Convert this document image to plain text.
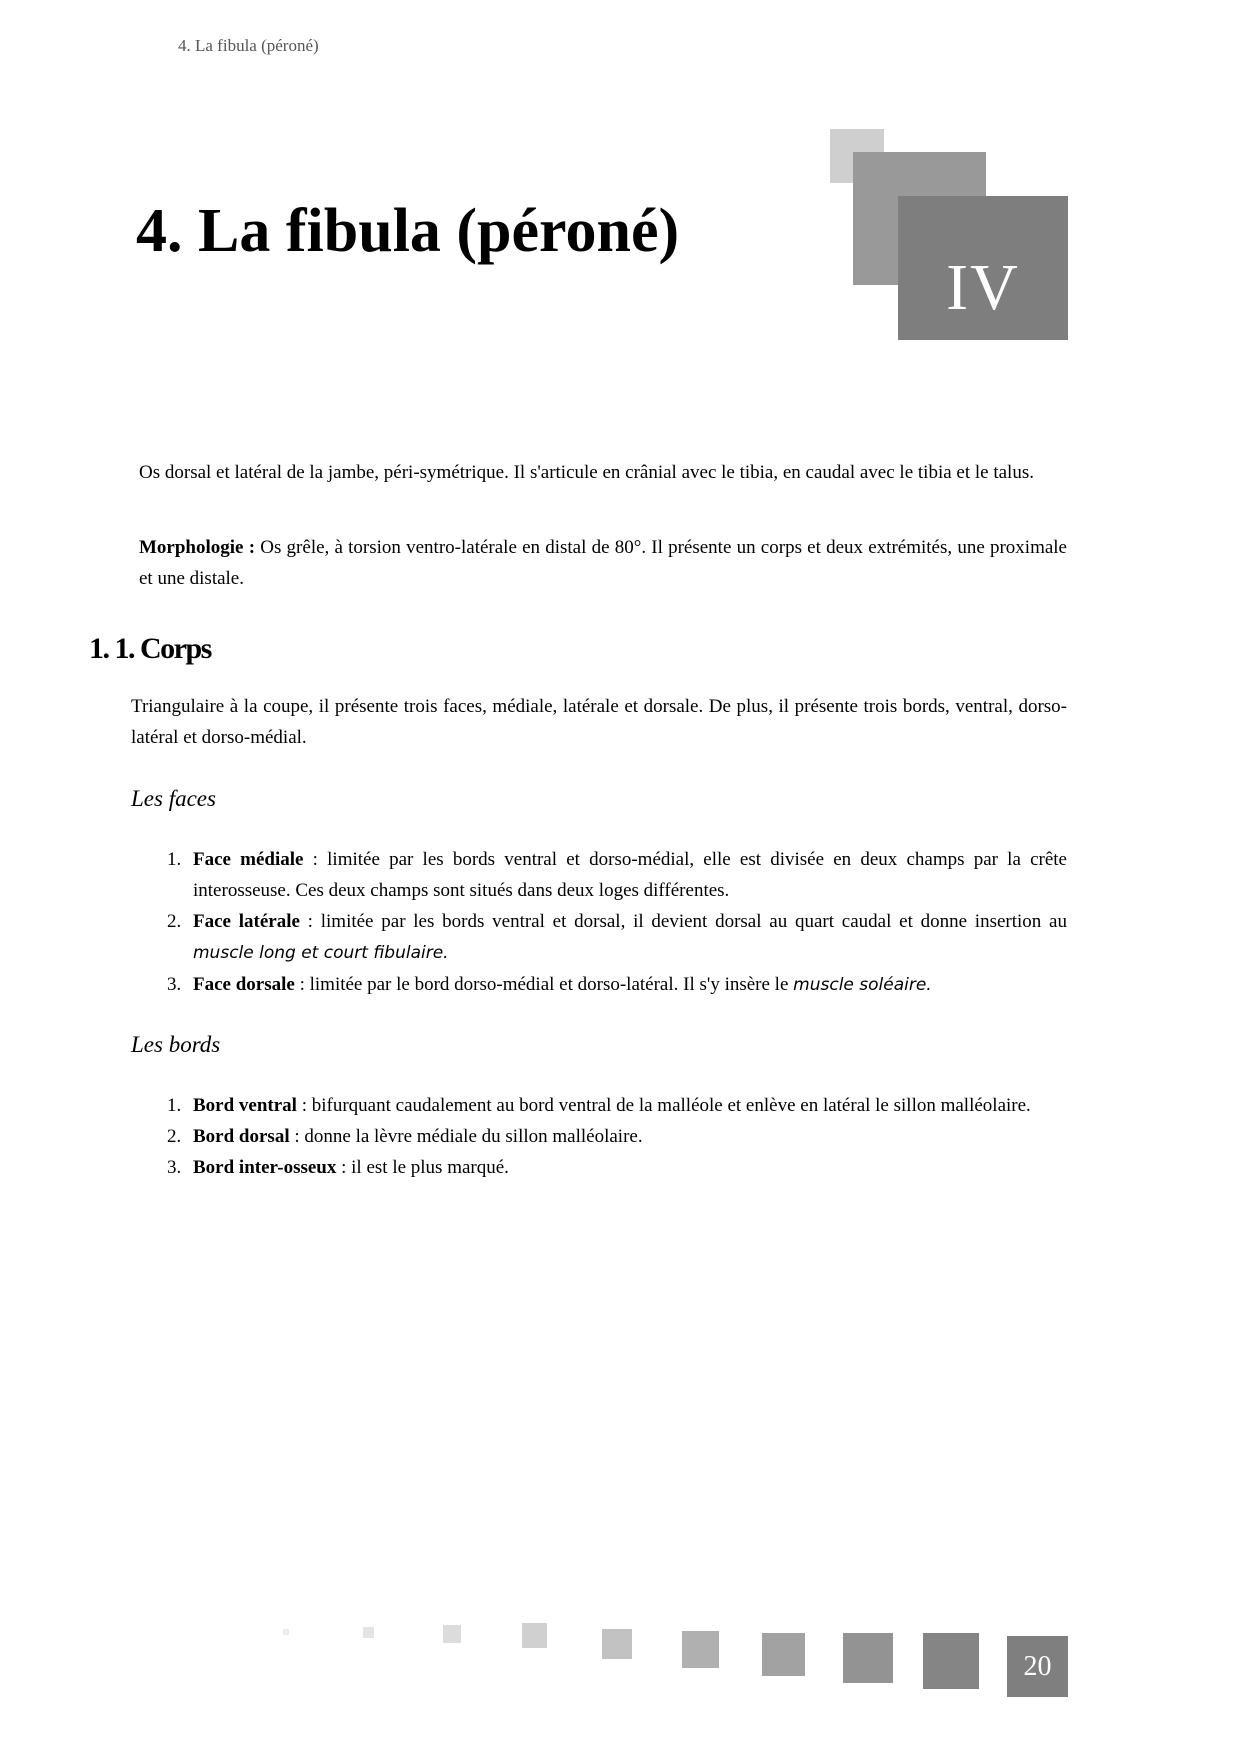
4. La fibula (péroné)
4. La fibula (péroné)
IV

Os dorsal et latéral de la jambe, péri-symétrique. Il s'articule en crânial avec le tibia, en caudal avec le tibia et le talus.

Morphologie : Os grêle, à torsion ventro-latérale en distal de 80°. Il présente un corps et deux extrémités, une proximale et une distale.

1. 1. Corps

Triangulaire à la coupe, il présente trois faces, médiale, latérale et dorsale. De plus, il présente trois bords, ventral, dorso-latéral et dorso-médial.

Les faces
1. Face médiale : limitée par les bords ventral et dorso-médial, elle est divisée en deux champs par la crête interosseuse. Ces deux champs sont situés dans deux loges différentes.
2. Face latérale : limitée par les bords ventral et dorsal, il devient dorsal au quart caudal et donne insertion au muscle long et court fibulaire.
3. Face dorsale : limitée par le bord dorso-médial et dorso-latéral. Il s'y insère le muscle soléaire.
Les bords
1. Bord ventral : bifurquant caudalement au bord ventral de la malléole et enlève en latéral le sillon malléolaire.
2. Bord dorsal : donne la lèvre médiale du sillon malléolaire.
3. Bord inter-osseux : il est le plus marqué.
20
